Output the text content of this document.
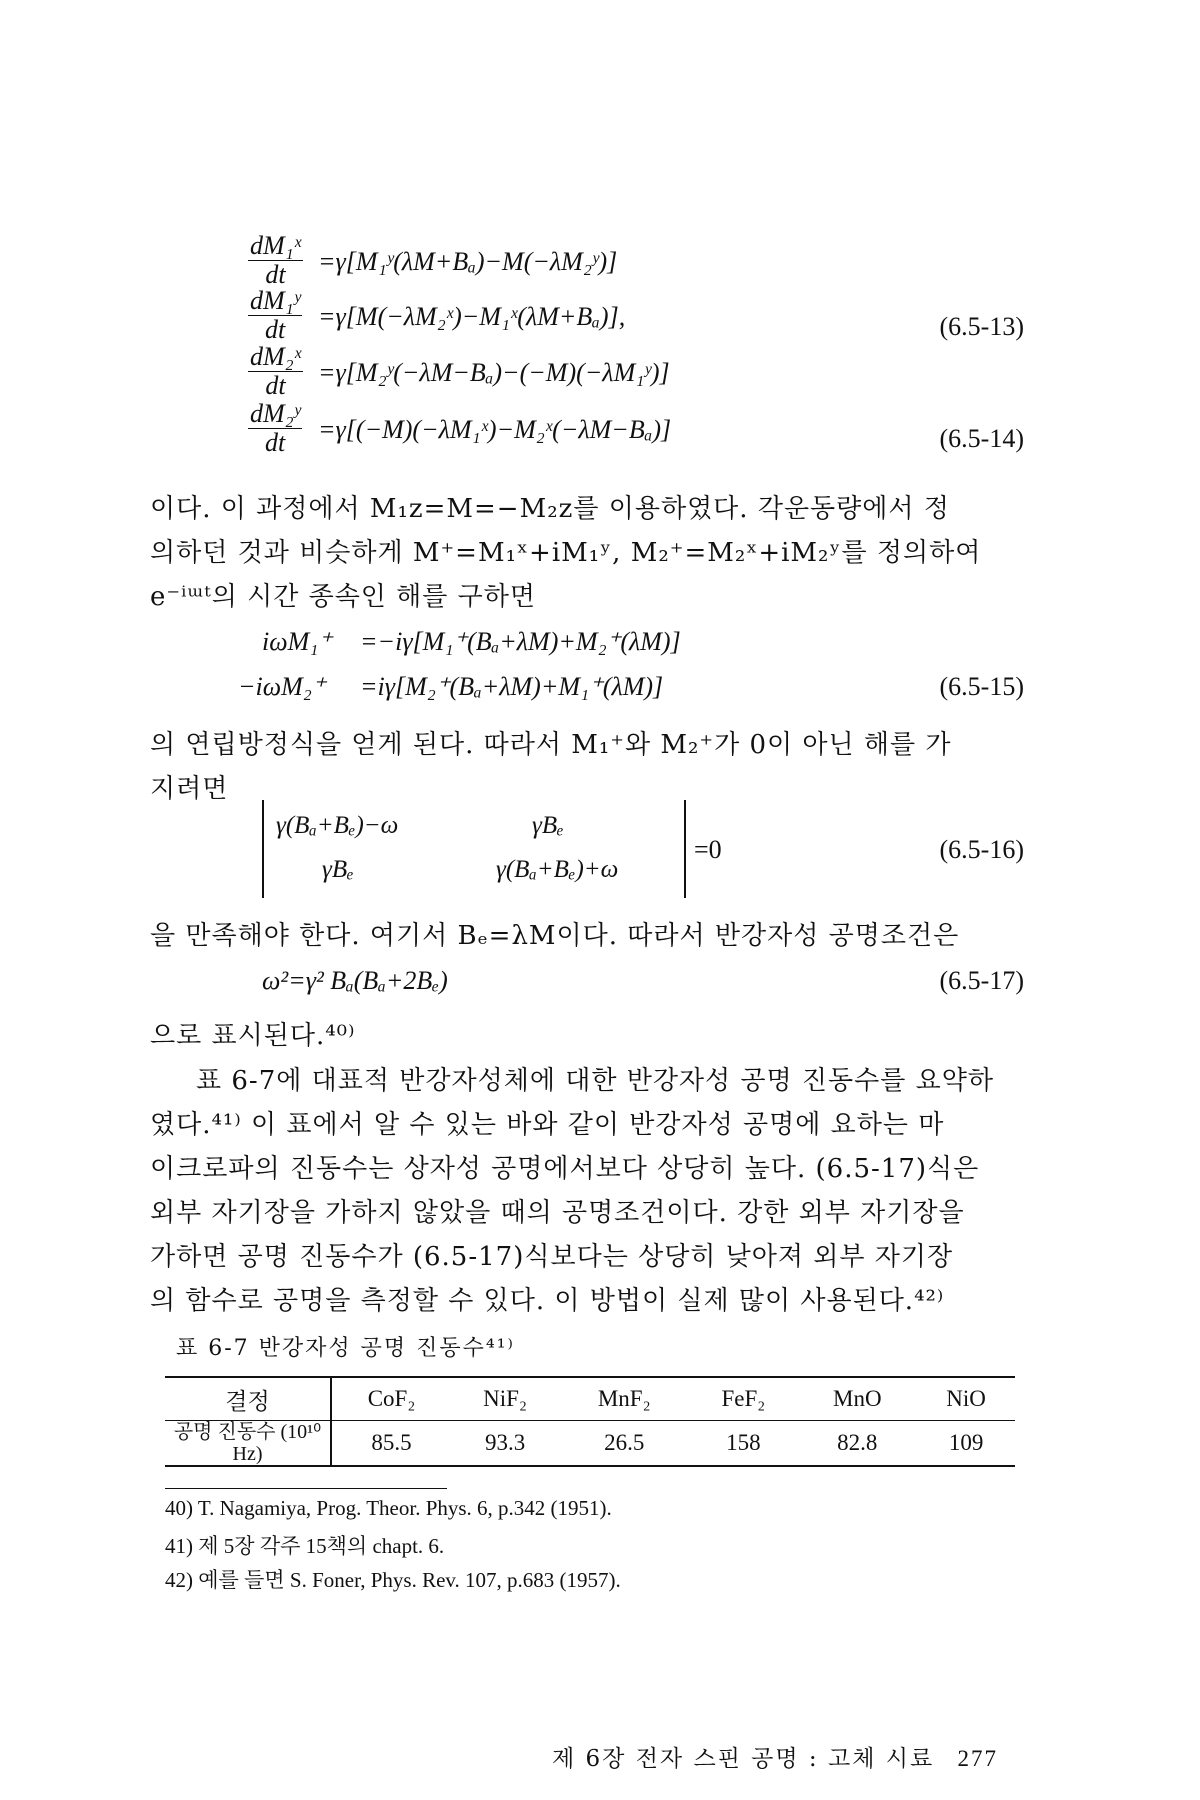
$\frac{\text{dM₁ˣ}}{dt}$ =γ[M₁ʸ(λM+Bₐ)−M(−λM₂ʸ)]
$\frac{\text{dM₁ʸ}}{dt}$ =γ[M(−λM₂ˣ)−M₁ˣ(λM+Bₐ)],	(6.5-13)
$\frac{\text{dM₂ˣ}}{dt}$ =γ[M₂ʸ(−λM−Bₐ)−(−M)(−λM₁ʸ)]
$\frac{\text{dM₂ʸ}}{dt}$ =γ[(−M)(−λM₁ˣ)−M₂ˣ(−λM−Bₐ)]	(6.5-14)
이다. 이 과정에서 M₁z=M=−M₂z를 이용하였다. 각운동량에서 정
의하던 것과 비슷하게 M⁺=M₁ˣ+iM₁ʸ, M₂⁺=M₂ˣ+iM₂ʸ를 정의하여
e⁻ⁱᵚᵗ의 시간 종속인 해를 구하면
iωM₁⁺ =−iγ[M₁⁺(Bₐ+λM)+M₂⁺(λM)]
−iωM₂⁺ =iγ[M₂⁺(Bₐ+λM)+M₁⁺(λM)]	(6.5-15)
의 연립방정식을 얻게 된다. 따라서 M₁⁺와 M₂⁺가 0이 아닌 해를 가
지려면
γ(Bₐ+Bₑ)−ω	γBₑ
γBₑ	γ(Bₐ+Bₑ)+ω
=0	(6.5-16)
을 만족해야 한다. 여기서 Bₑ=λM이다. 따라서 반강자성 공명조건은
ω²=γ² Bₐ(Bₐ+2Bₑ)	(6.5-17)
으로 표시된다.⁴⁰⁾
표 6-7에 대표적 반강자성체에 대한 반강자성 공명 진동수를 요약하
였다.⁴¹⁾ 이 표에서 알 수 있는 바와 같이 반강자성 공명에 요하는 마
이크로파의 진동수는 상자성 공명에서보다 상당히 높다. (6.5-17)식은
외부 자기장을 가하지 않았을 때의 공명조건이다. 강한 외부 자기장을
가하면 공명 진동수가 (6.5-17)식보다는 상당히 낮아져 외부 자기장
의 함수로 공명을 측정할 수 있다. 이 방법이 실제 많이 사용된다.⁴²⁾
표 6-7 반강자성 공명 진동수⁴¹⁾
결정	CoF₂	NiF₂	MnF₂	FeF₂	MnO	NiO
공명 진동수 (10¹⁰ Hz)	85.5	93.3	26.5	158	82.8	109
40) T. Nagamiya, Prog. Theor. Phys. 6, p.342 (1951).
41) 제 5장 각주 15책의 chapt. 6.
42) 예를 들면 S. Foner, Phys. Rev. 107, p.683 (1957).
제 6장 전자 스핀 공명 : 고체 시료 277
